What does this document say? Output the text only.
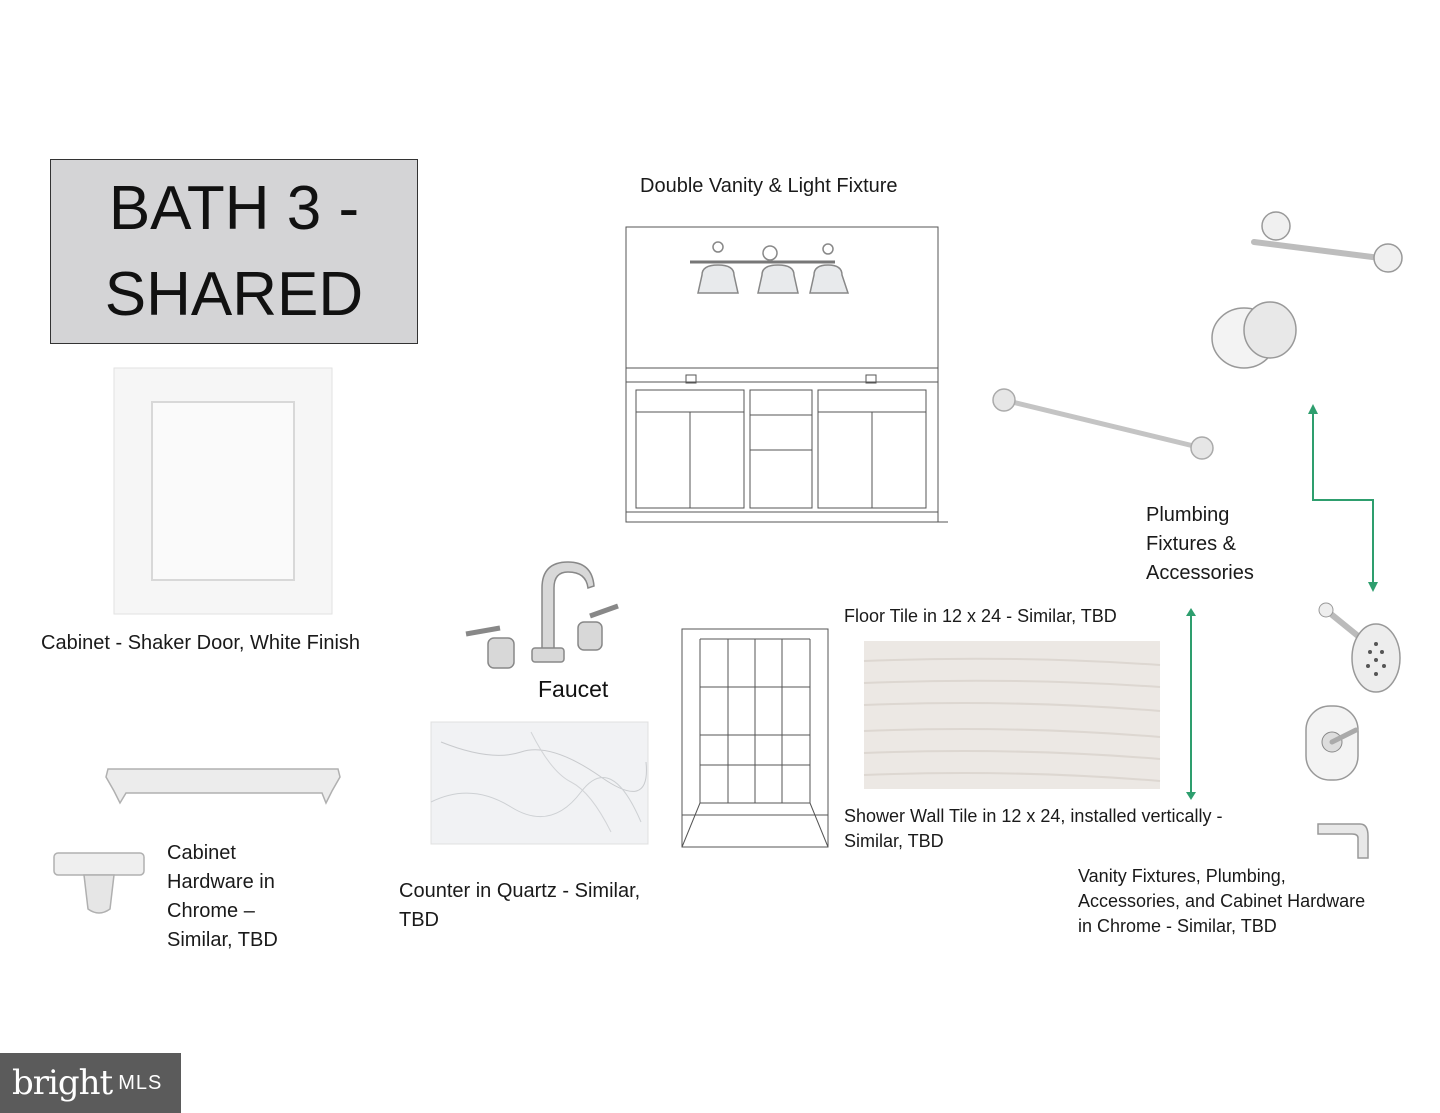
BATH 3 -
SHARED
Double Vanity & Light Fixture
Cabinet - Shaker Door, White Finish
Cabinet
Hardware in
Chrome –
Similar, TBD
Faucet
Counter in Quartz - Similar,
TBD
Floor Tile in 12 x 24 - Similar, TBD
Shower Wall Tile in 12 x 24, installed vertically -
Similar, TBD
Plumbing
Fixtures &
Accessories
Vanity Fixtures, Plumbing,
Accessories, and Cabinet Hardware
in Chrome - Similar, TBD
bright MLS
